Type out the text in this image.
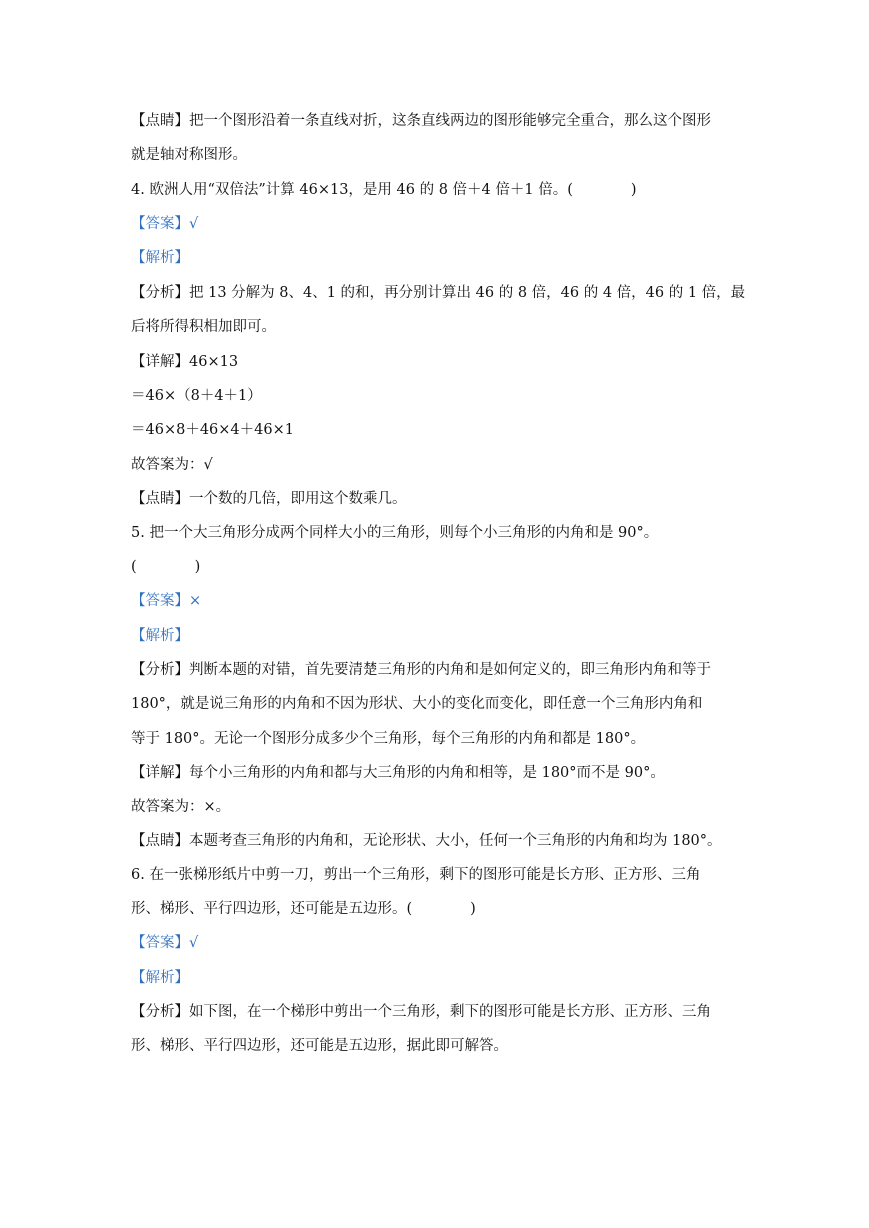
【点睛】把一个图形沿着一条直线对折，这条直线两边的图形能够完全重合，那么这个图形
就是轴对称图形。
4. 欧洲人用“双倍法”计算 46×13，是用 46 的 8 倍＋4 倍＋1 倍。(　　　　)
【答案】√
【解析】
【分析】把 13 分解为 8、4、1 的和，再分别计算出 46 的 8 倍，46 的 4 倍，46 的 1 倍，最
后将所得积相加即可。
【详解】46×13
＝46×（8＋4＋1）
＝46×8＋46×4＋46×1
故答案为：√
【点睛】一个数的几倍，即用这个数乘几。
5. 把一个大三角形分成两个同样大小的三角形，则每个小三角形的内角和是 90°。
(　　　　)
【答案】×
【解析】
【分析】判断本题的对错，首先要清楚三角形的内角和是如何定义的，即三角形内角和等于
180°，就是说三角形的内角和不因为形状、大小的变化而变化，即任意一个三角形内角和
等于 180°。无论一个图形分成多少个三角形，每个三角形的内角和都是 180°。
【详解】每个小三角形的内角和都与大三角形的内角和相等，是 180°而不是 90°。
故答案为：×。
【点睛】本题考查三角形的内角和，无论形状、大小，任何一个三角形的内角和均为 180°。
6. 在一张梯形纸片中剪一刀，剪出一个三角形，剩下的图形可能是长方形、正方形、三角
形、梯形、平行四边形，还可能是五边形。(　　　　)
【答案】√
【解析】
【分析】如下图，在一个梯形中剪出一个三角形，剩下的图形可能是长方形、正方形、三角
形、梯形、平行四边形，还可能是五边形，据此即可解答。
